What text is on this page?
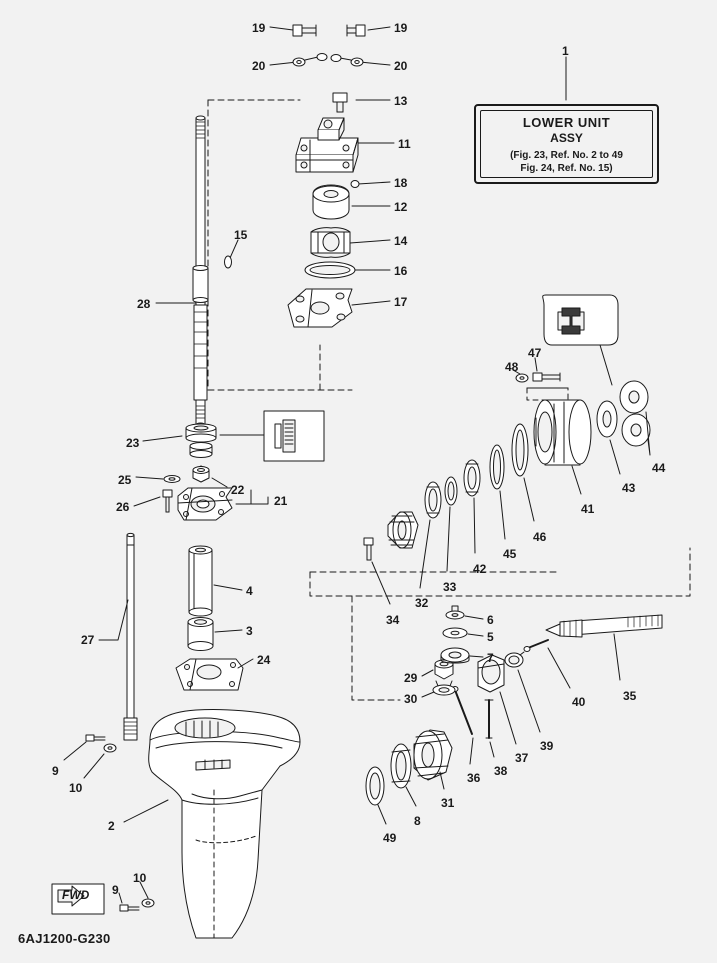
LOWER UNIT
ASSY
(Fig. 23, Ref. No. 2 to 49
Fig. 24, Ref. No. 15)
FWD
6AJ1200-G230
19	19
20	20
13
11
18
12
14
16
17
15
28
1
23
25
22
21
26
27
4
3
24
9
10
2
9
10
48
47
44
43
41
46
45
42
33
32
34	6
5
7
29
30	35
40
39
37
38
36
31
8
49
